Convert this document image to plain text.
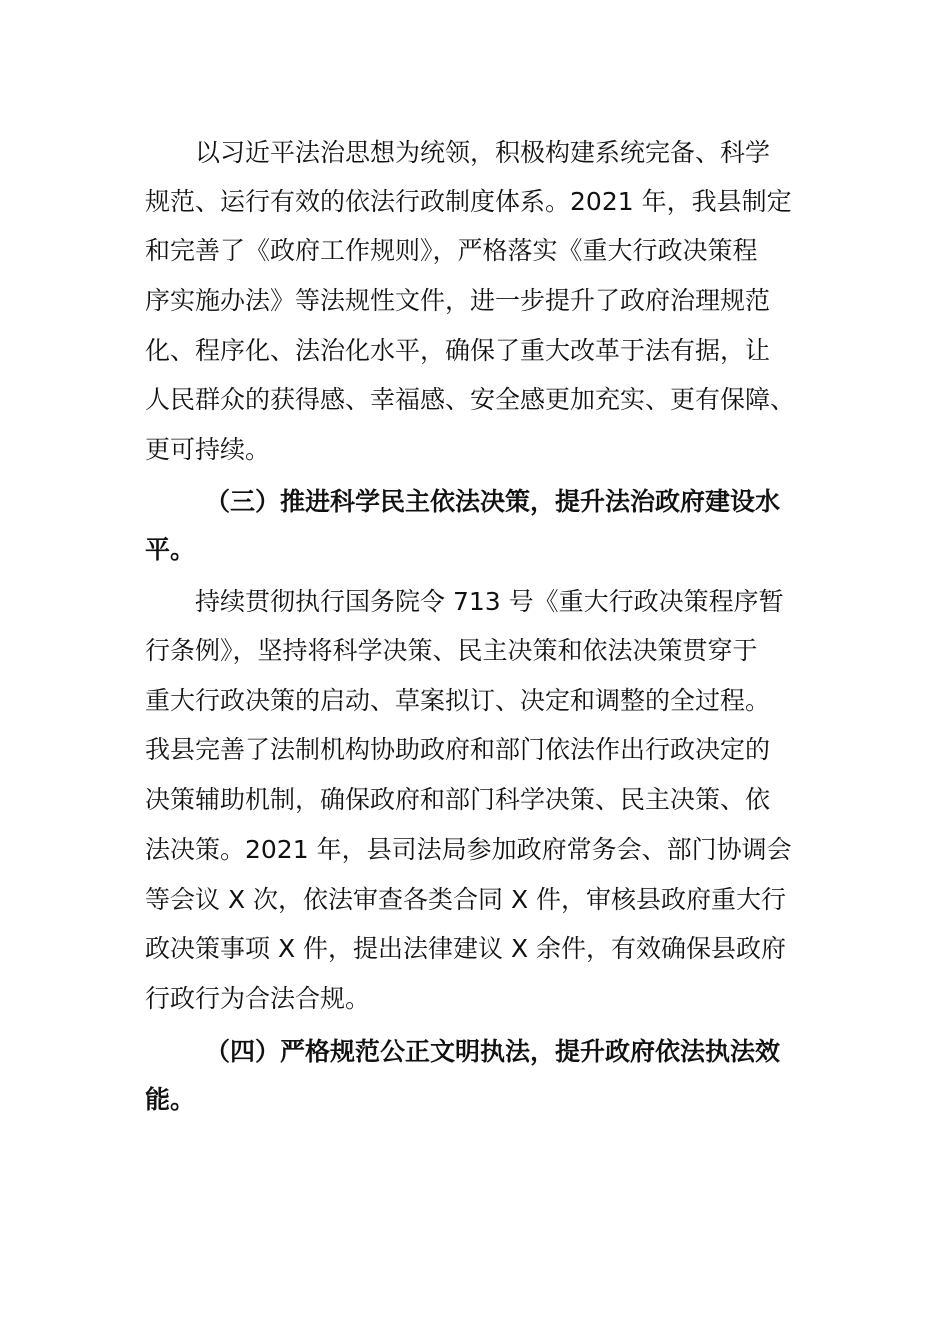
以习近平法治思想为统领，积极构建系统完备、科学
规范、运行有效的依法行政制度体系。2021 年，我县制定
和完善了《政府工作规则》，严格落实《重大行政决策程
序实施办法》等法规性文件，进一步提升了政府治理规范
化、程序化、法治化水平，确保了重大改革于法有据，让
人民群众的获得感、幸福感、安全感更加充实、更有保障、
更可持续。
（三）推进科学民主依法决策，提升法治政府建设水
平。
持续贯彻执行国务院令 713 号《重大行政决策程序暂
行条例》，坚持将科学决策、民主决策和依法决策贯穿于
重大行政决策的启动、草案拟订、决定和调整的全过程。
我县完善了法制机构协助政府和部门依法作出行政决定的
决策辅助机制，确保政府和部门科学决策、民主决策、依
法决策。2021 年，县司法局参加政府常务会、部门协调会
等会议 X 次，依法审查各类合同 X 件，审核县政府重大行
政决策事项 X 件，提出法律建议 X 余件，有效确保县政府
行政行为合法合规。
（四）严格规范公正文明执法，提升政府依法执法效
能。
